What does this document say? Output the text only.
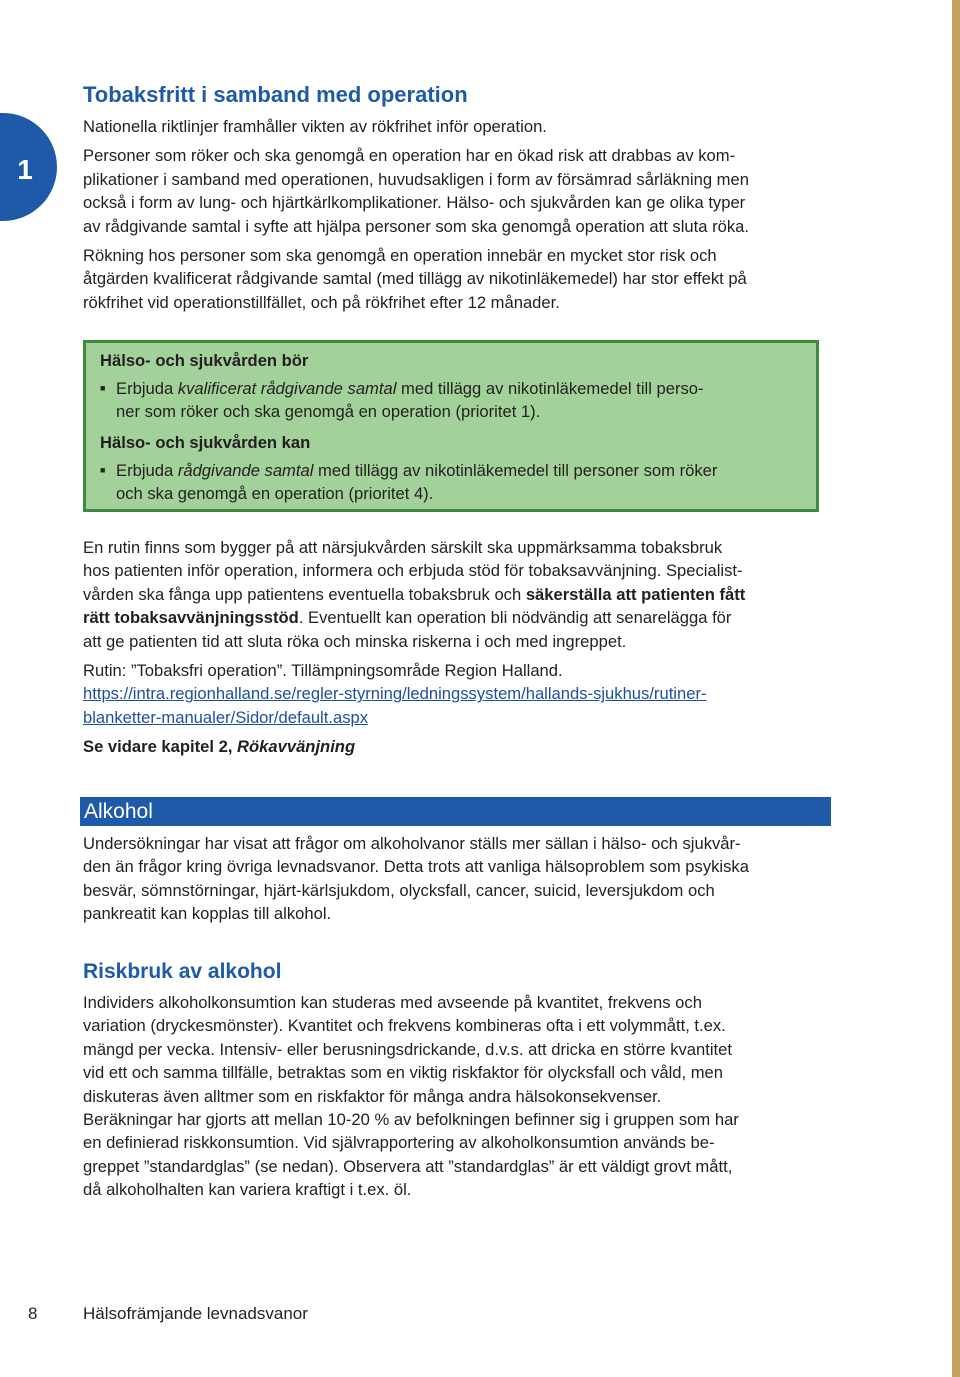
1
Tobaksfritt i samband med operation

Nationella riktlinjer framhåller vikten av rökfrihet inför operation.

Personer som röker och ska genomgå en operation har en ökad risk att drabbas av kom-
plikationer i samband med operationen, huvudsakligen i form av försämrad sårläkning men
också i form av lung- och hjärtkärlkomplikationer. Hälso- och sjukvården kan ge olika typer
av rådgivande samtal i syfte att hjälpa personer som ska genomgå operation att sluta röka.

Rökning hos personer som ska genomgå en operation innebär en mycket stor risk och
åtgärden kvalificerat rådgivande samtal (med tillägg av nikotinläkemedel) har stor effekt på
rökfrihet vid operationstillfället, och på rökfrihet efter 12 månader.

Hälso- och sjukvården bör
■ Erbjuda kvalificerat rådgivande samtal med tillägg av nikotinläkemedel till perso-
ner som röker och ska genomgå en operation (prioritet 1).
Hälso- och sjukvården kan
■ Erbjuda rådgivande samtal med tillägg av nikotinläkemedel till personer som röker
och ska genomgå en operation (prioritet 4).

En rutin finns som bygger på att närsjukvården särskilt ska uppmärksamma tobaksbruk
hos patienten inför operation, informera och erbjuda stöd för tobaksavvänjning. Specialist-
vården ska fånga upp patientens eventuella tobaksbruk och säkerställa att patienten fått
rätt tobaksavvänjningsstöd. Eventuellt kan operation bli nödvändig att senarelägga för
att ge patienten tid att sluta röka och minska riskerna i och med ingreppet.

Rutin: ”Tobaksfri operation”. Tillämpningsområde Region Halland.
https://intra.regionhalland.se/regler-styrning/ledningssystem/hallands-sjukhus/rutiner-
blanketter-manualer/Sidor/default.aspx

Se vidare kapitel 2, Rökavvänjning

Alkohol

Undersökningar har visat att frågor om alkoholvanor ställs mer sällan i hälso- och sjukvår-
den än frågor kring övriga levnadsvanor. Detta trots att vanliga hälsoproblem som psykiska
besvär, sömnstörningar, hjärt-kärlsjukdom, olycksfall, cancer, suicid, leversjukdom och
pankreatit kan kopplas till alkohol.

Riskbruk av alkohol

Individers alkoholkonsumtion kan studeras med avseende på kvantitet, frekvens och
variation (dryckesmönster). Kvantitet och frekvens kombineras ofta i ett volymmått, t.ex.
mängd per vecka. Intensiv- eller berusningsdrickande, d.v.s. att dricka en större kvantitet
vid ett och samma tillfälle, betraktas som en viktig riskfaktor för olycksfall och våld, men
diskuteras även alltmer som en riskfaktor för många andra hälsokonsekvenser.
Beräkningar har gjorts att mellan 10-20 % av befolkningen befinner sig i gruppen som har
en definierad riskkonsumtion. Vid självrapportering av alkoholkonsumtion används be-
greppet ”standardglas” (se nedan). Observera att ”standardglas” är ett väldigt grovt mått,
då alkoholhalten kan variera kraftigt i t.ex. öl.

8	Hälsofrämjande levnadsvanor
